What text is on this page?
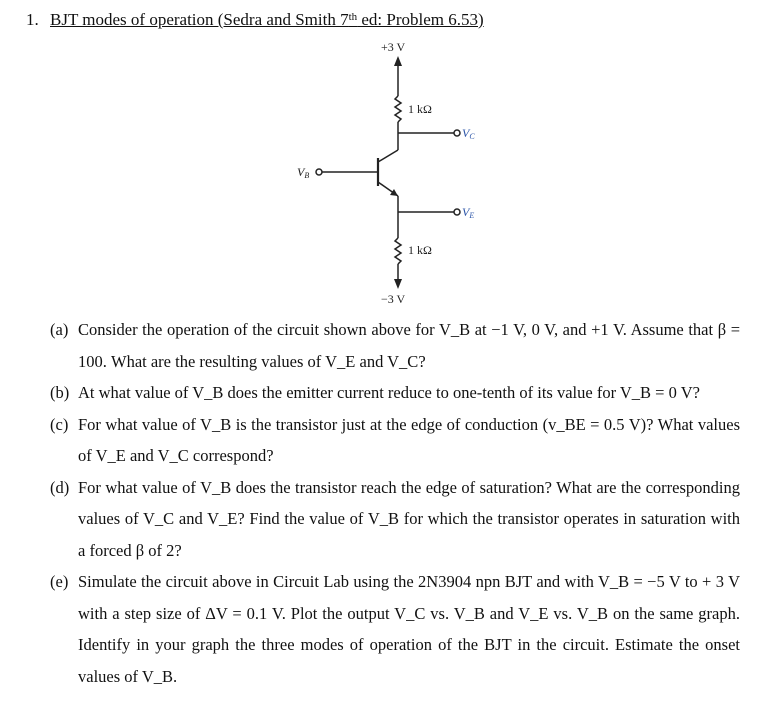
1. BJT modes of operation (Sedra and Smith 7th ed: Problem 6.53)
+3 V
1 kΩ
1 kΩ
−3 V
VC
VE
VB
(a) Consider the operation of the circuit shown above for V_B at −1 V, 0 V, and +1 V. Assume that β = 100. What are the resulting values of V_E and V_C?
(b) At what value of V_B does the emitter current reduce to one-tenth of its value for V_B = 0 V?
(c) For what value of V_B is the transistor just at the edge of conduction (v_BE = 0.5 V)? What values of V_E and V_C correspond?
(d) For what value of V_B does the transistor reach the edge of saturation? What are the corresponding values of V_C and V_E? Find the value of V_B for which the transistor operates in saturation with a forced β of 2?
(e) Simulate the circuit above in Circuit Lab using the 2N3904 npn BJT and with V_B = −5 V to + 3 V with a step size of ΔV = 0.1 V. Plot the output V_C vs. V_B and V_E vs. V_B on the same graph. Identify in your graph the three modes of operation of the BJT in the circuit. Estimate the onset values of V_B.
